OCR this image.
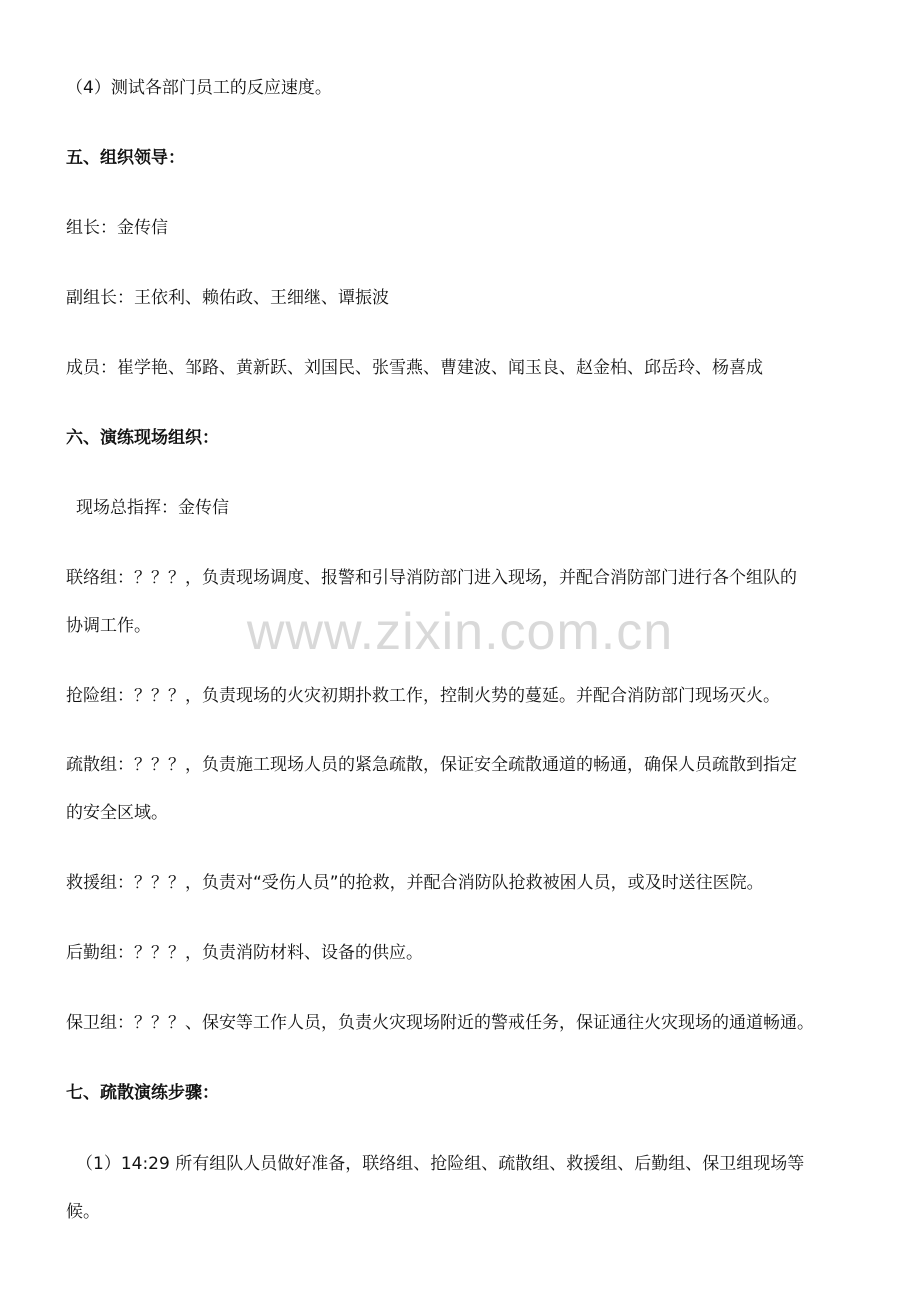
（4）测试各部门员工的反应速度。
五、组织领导：
组长：金传信
副组长：王依利、赖佑政、王细继、谭振波
成员：崔学艳、邹路、黄新跃、刘国民、张雪燕、曹建波、闻玉良、赵金柏、邱岳玲、杨喜成
六、演练现场组织：
现场总指挥：金传信
联络组：？？？，负责现场调度、报警和引导消防部门进入现场，并配合消防部门进行各个组队的
协调工作。
抢险组：？？？，负责现场的火灾初期扑救工作，控制火势的蔓延。并配合消防部门现场灭火。
疏散组：？？？，负责施工现场人员的紧急疏散，保证安全疏散通道的畅通，确保人员疏散到指定
的安全区域。
救援组：？？？，负责对“受伤人员”的抢救，并配合消防队抢救被困人员，或及时送往医院。
后勤组：？？？，负责消防材料、设备的供应。
保卫组：？？？、保安等工作人员，负责火灾现场附近的警戒任务，保证通往火灾现场的通道畅通。
七、疏散演练步骤：
（1）14:29 所有组队人员做好准备，联络组、抢险组、疏散组、救援组、后勤组、保卫组现场等
候。
www.zixin.com.cn
